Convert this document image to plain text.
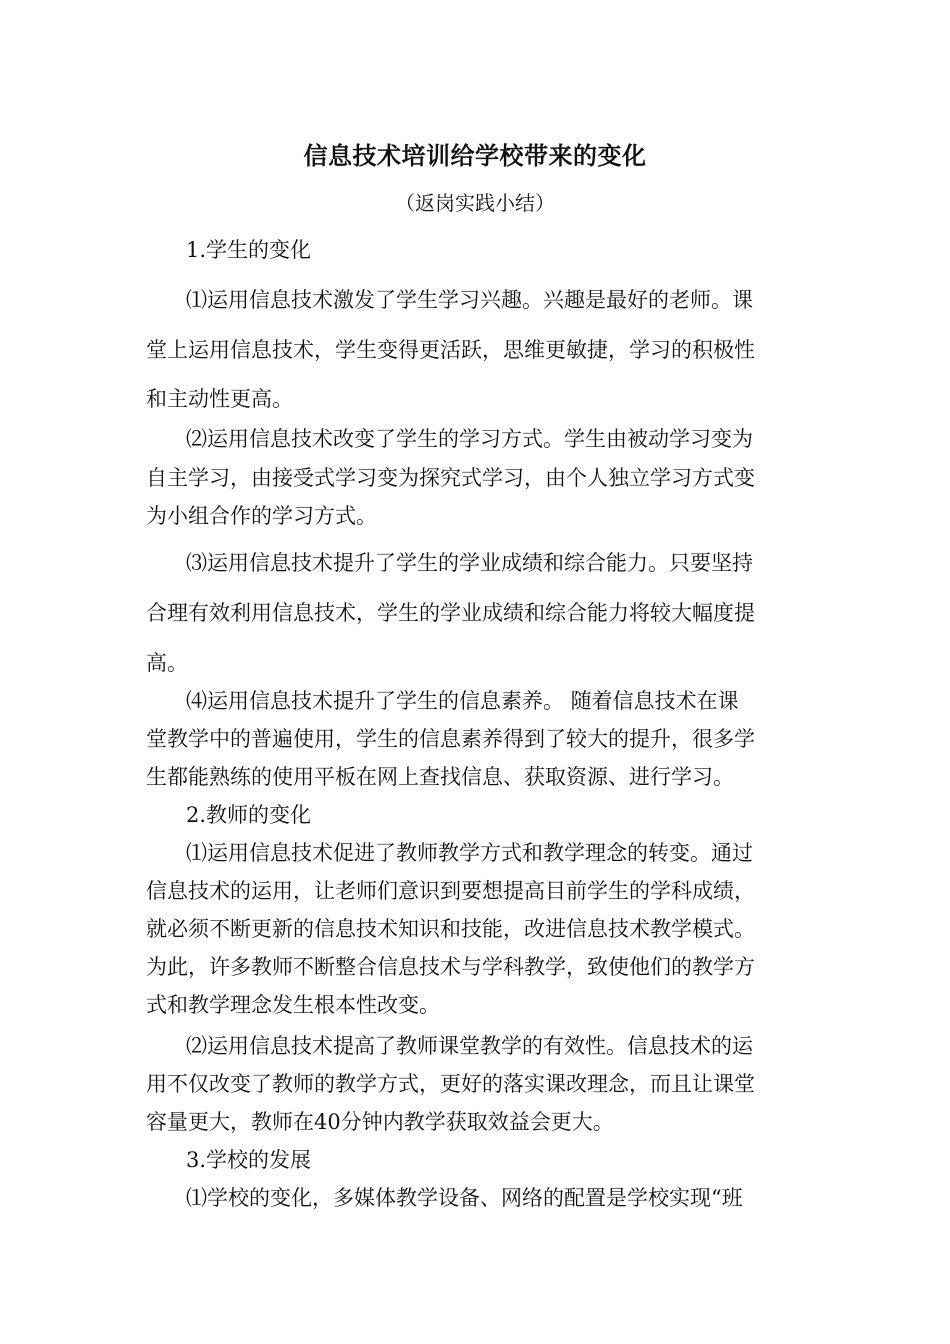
信息技术培训给学校带来的变化
（返岗实践小结）
1.学生的变化
⑴运用信息技术激发了学生学习兴趣。兴趣是最好的老师。课
堂上运用信息技术，学生变得更活跃，思维更敏捷，学习的积极性
和主动性更高。
⑵运用信息技术改变了学生的学习方式。学生由被动学习变为
自主学习，由接受式学习变为探究式学习，由个人独立学习方式变
为小组合作的学习方式。
⑶运用信息技术提升了学生的学业成绩和综合能力。只要坚持
合理有效利用信息技术，学生的学业成绩和综合能力将较大幅度提
高。
⑷运用信息技术提升了学生的信息素养。 随着信息技术在课
堂教学中的普遍使用，学生的信息素养得到了较大的提升，很多学
生都能熟练的使用平板在网上查找信息、获取资源、进行学习。
2.教师的变化
⑴运用信息技术促进了教师教学方式和教学理念的转变。通过
信息技术的运用，让老师们意识到要想提高目前学生的学科成绩，
就必须不断更新的信息技术知识和技能，改进信息技术教学模式。
为此，许多教师不断整合信息技术与学科教学，致使他们的教学方
式和教学理念发生根本性改变。
⑵运用信息技术提高了教师课堂教学的有效性。信息技术的运
用不仅改变了教师的教学方式，更好的落实课改理念，而且让课堂
容量更大，教师在40分钟内教学获取效益会更大。
3.学校的发展
⑴学校的变化，多媒体教学设备、网络的配置是学校实现“班
